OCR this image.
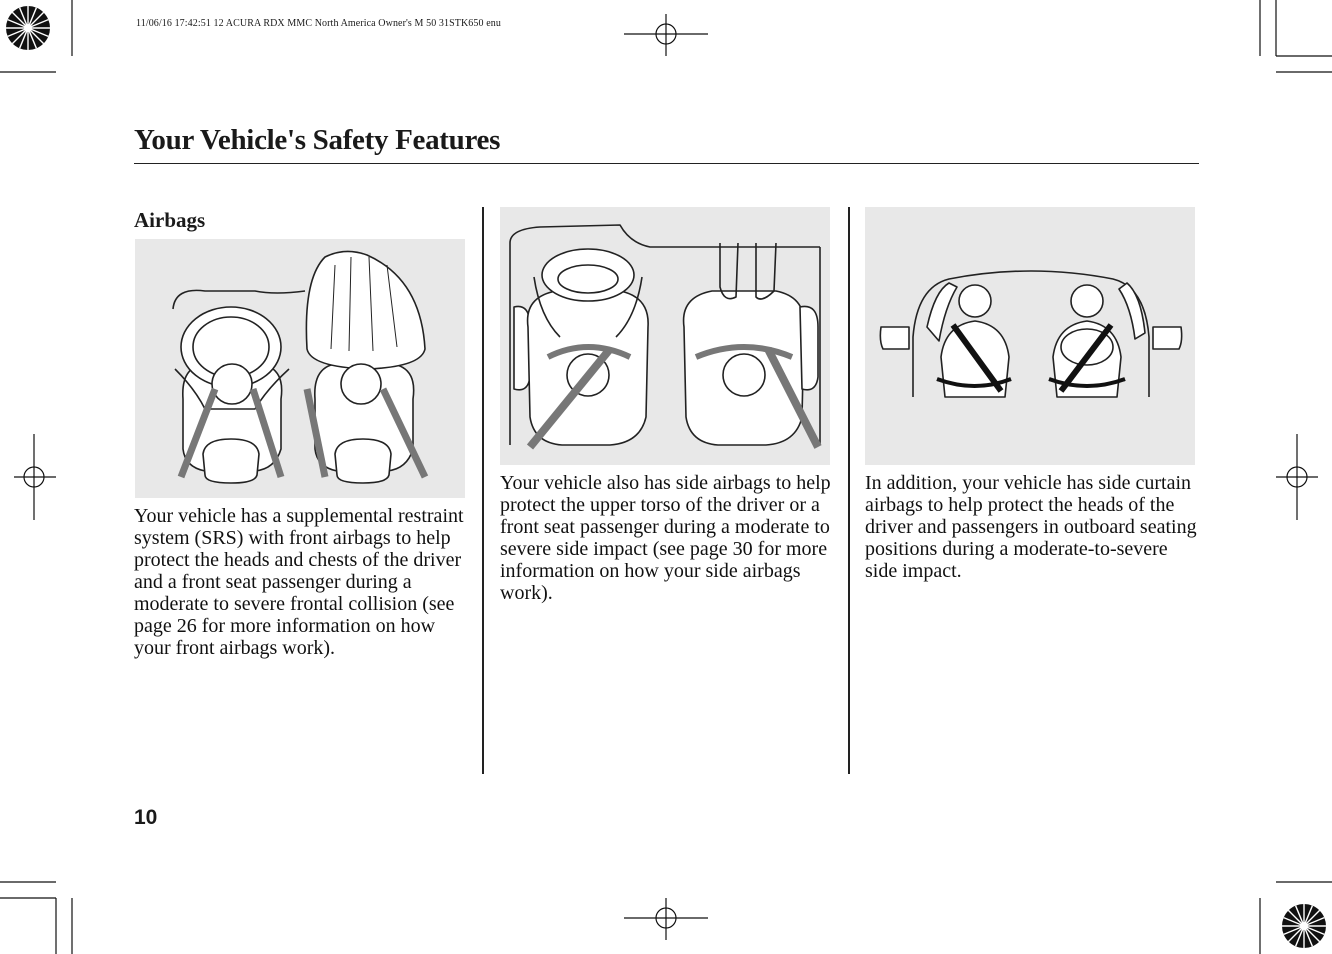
11/06/16 17:42:51 12 ACURA RDX MMC North America Owner's M 50 31STK650 enu
Your Vehicle's Safety Features
Airbags
Your vehicle has a supplemental restraint system (SRS) with front airbags to help protect the heads and chests of the driver and a front seat passenger during a moderate to severe frontal collision (see page 26 for more information on how your front airbags work).
Your vehicle also has side airbags to help protect the upper torso of the driver or a front seat passenger during a moderate to severe side impact (see page 30 for more information on how your side airbags work).
In addition, your vehicle has side curtain airbags to help protect the heads of the driver and passengers in outboard seating positions during a moderate-to-severe side impact.
10
